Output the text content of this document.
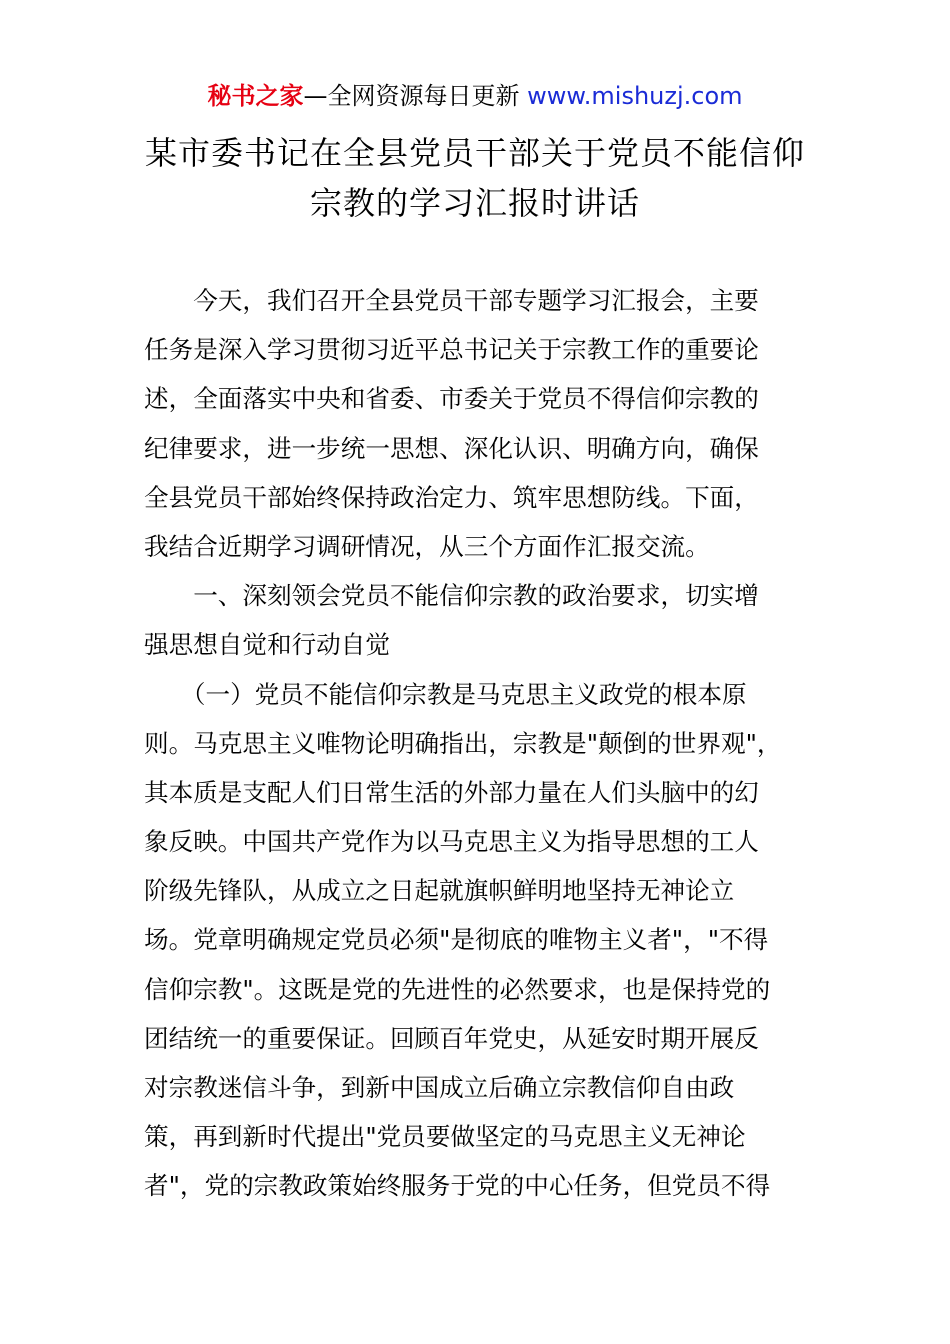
秘书之家—全网资源每日更新 www.mishuzj.com
某市委书记在全县党员干部关于党员不能信仰
宗教的学习汇报时讲话
　　今天，我们召开全县党员干部专题学习汇报会，主要
任务是深入学习贯彻习近平总书记关于宗教工作的重要论
述，全面落实中央和省委、市委关于党员不得信仰宗教的
纪律要求，进一步统一思想、深化认识、明确方向，确保
全县党员干部始终保持政治定力、筑牢思想防线。下面，
我结合近期学习调研情况，从三个方面作汇报交流。
　　一、深刻领会党员不能信仰宗教的政治要求，切实增
强思想自觉和行动自觉
　　（一）党员不能信仰宗教是马克思主义政党的根本原
则。马克思主义唯物论明确指出，宗教是"颠倒的世界观"，
其本质是支配人们日常生活的外部力量在人们头脑中的幻
象反映。中国共产党作为以马克思主义为指导思想的工人
阶级先锋队，从成立之日起就旗帜鲜明地坚持无神论立
场。党章明确规定党员必须"是彻底的唯物主义者"，"不得
信仰宗教"。这既是党的先进性的必然要求，也是保持党的
团结统一的重要保证。回顾百年党史，从延安时期开展反
对宗教迷信斗争，到新中国成立后确立宗教信仰自由政
策，再到新时代提出"党员要做坚定的马克思主义无神论
者"，党的宗教政策始终服务于党的中心任务，但党员不得
